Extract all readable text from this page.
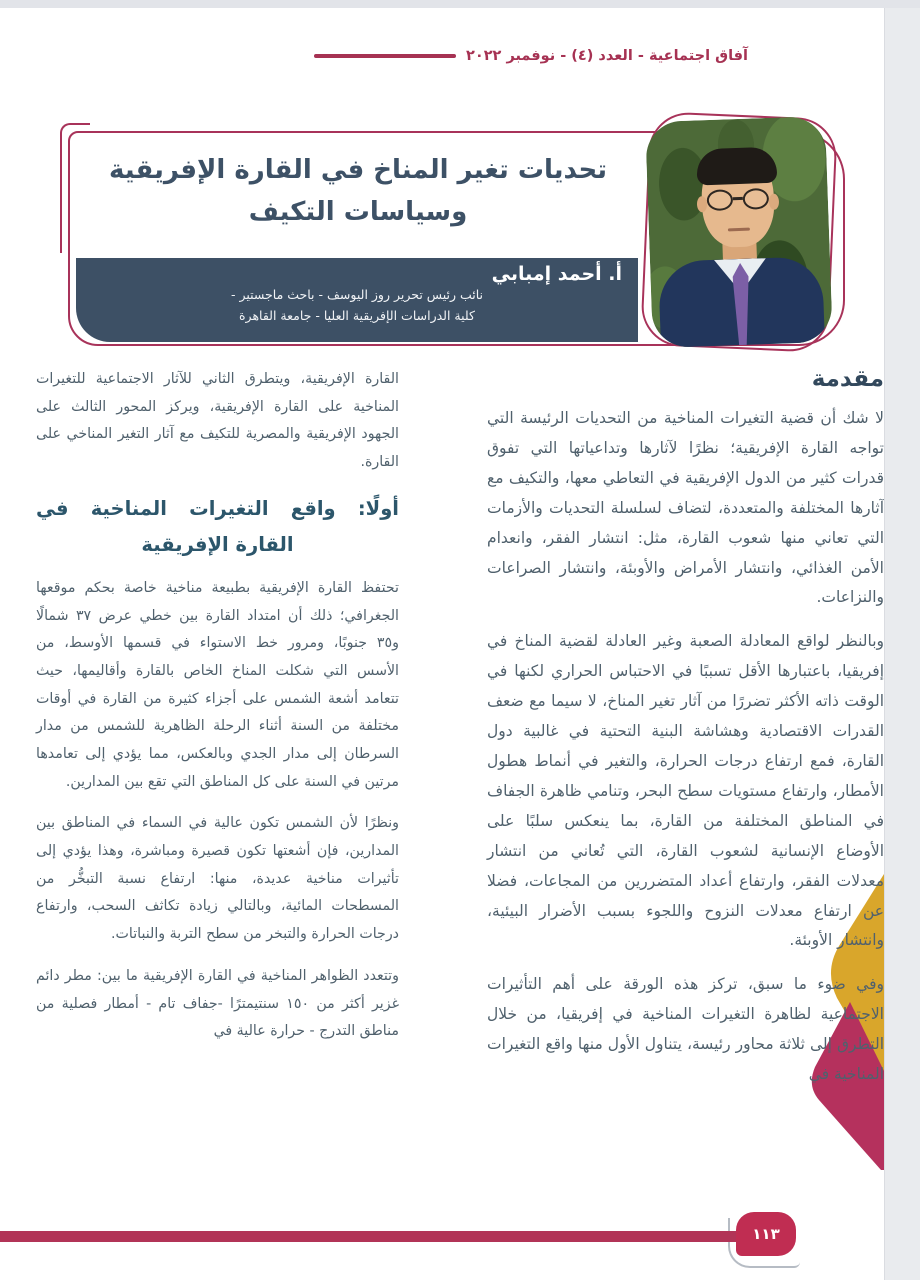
آفاق اجتماعية - العدد (٤) - نوفمبر ٢٠٢٢
تحديات تغير المناخ في القارة الإفريقية
وسياسات التكيف
أ. أحمد إمبابي
نائب رئيس تحرير روز اليوسف - باحث ماجستير -
كلية الدراسات الإفريقية العليا - جامعة القاهرة
مقدمة

لا شك أن قضية التغيرات المناخية من التحديات الرئيسة التي تواجه القارة الإفريقية؛ نظرًا لآثارها وتداعياتها التي تفوق قدرات كثير من الدول الإفريقية في التعاطي معها، والتكيف مع آثارها المختلفة والمتعددة، لتضاف لسلسلة التحديات والأزمات التي تعاني منها شعوب القارة، مثل: انتشار الفقر، وانعدام الأمن الغذائي، وانتشار الأمراض والأوبئة، وانتشار الصراعات والنزاعات.

وبالنظر لواقع المعادلة الصعبة وغير العادلة لقضية المناخ في إفريقيا، باعتبارها الأقل تسببًا في الاحتباس الحراري لكنها في الوقت ذاته الأكثر تضررًا من آثار تغير المناخ، لا سيما مع ضعف القدرات الاقتصادية وهشاشة البنية التحتية في غالبية دول القارة، فمع ارتفاع درجات الحرارة، والتغير في أنماط هطول الأمطار، وارتفاع مستويات سطح البحر، وتنامي ظاهرة الجفاف في المناطق المختلفة من القارة، بما ينعكس سلبًا على الأوضاع الإنسانية لشعوب القارة، التي تُعاني من انتشار معدلات الفقر، وارتفاع أعداد المتضررين من المجاعات، فضلا عن ارتفاع معدلات النزوح واللجوء بسبب الأضرار البيئية، وانتشار الأوبئة.

وفي ضوء ما سبق، تركز هذه الورقة على أهم التأثيرات الاجتماعية لظاهرة التغيرات المناخية في إفريقيا، من خلال التطرق إلى ثلاثة محاور رئيسة، يتناول الأول منها واقع التغيرات المناخية في

القارة الإفريقية، ويتطرق الثاني للآثار الاجتماعية للتغيرات المناخية على القارة الإفريقية، ويركز المحور الثالث على الجهود الإفريقية والمصرية للتكيف مع آثار التغير المناخي على القارة.

أولًا: واقع التغيرات المناخية في القارة الإفريقية

تحتفظ القارة الإفريقية بطبيعة مناخية خاصة بحكم موقعها الجغرافي؛ ذلك أن امتداد القارة بين خطي عرض ٣٧ شمالًا و٣٥ جنوبًا، ومرور خط الاستواء في قسمها الأوسط، من الأسس التي شكلت المناخ الخاص بالقارة وأقاليمها، حيث تتعامد أشعة الشمس على أجزاء كثيرة من القارة في أوقات مختلفة من السنة أثناء الرحلة الظاهرية للشمس من مدار السرطان إلى مدار الجدي وبالعكس، مما يؤدي إلى تعامدها مرتين في السنة على كل المناطق التي تقع بين المدارين.

ونظرًا لأن الشمس تكون عالية في السماء في المناطق بين المدارين، فإن أشعتها تكون قصيرة ومباشرة، وهذا يؤدي إلى تأثيرات مناخية عديدة، منها: ارتفاع نسبة التبخُّر من المسطحات المائية، وبالتالي زيادة تكاثف السحب، وارتفاع درجات الحرارة والتبخر من سطح التربة والنباتات.

وتتعدد الظواهر المناخية في القارة الإفريقية ما بين: مطر دائم غزير أكثر من ١٥٠ سنتيمترًا -جفاف تام - أمطار فصلية من مناطق التدرج - حرارة عالية في

١١٣
